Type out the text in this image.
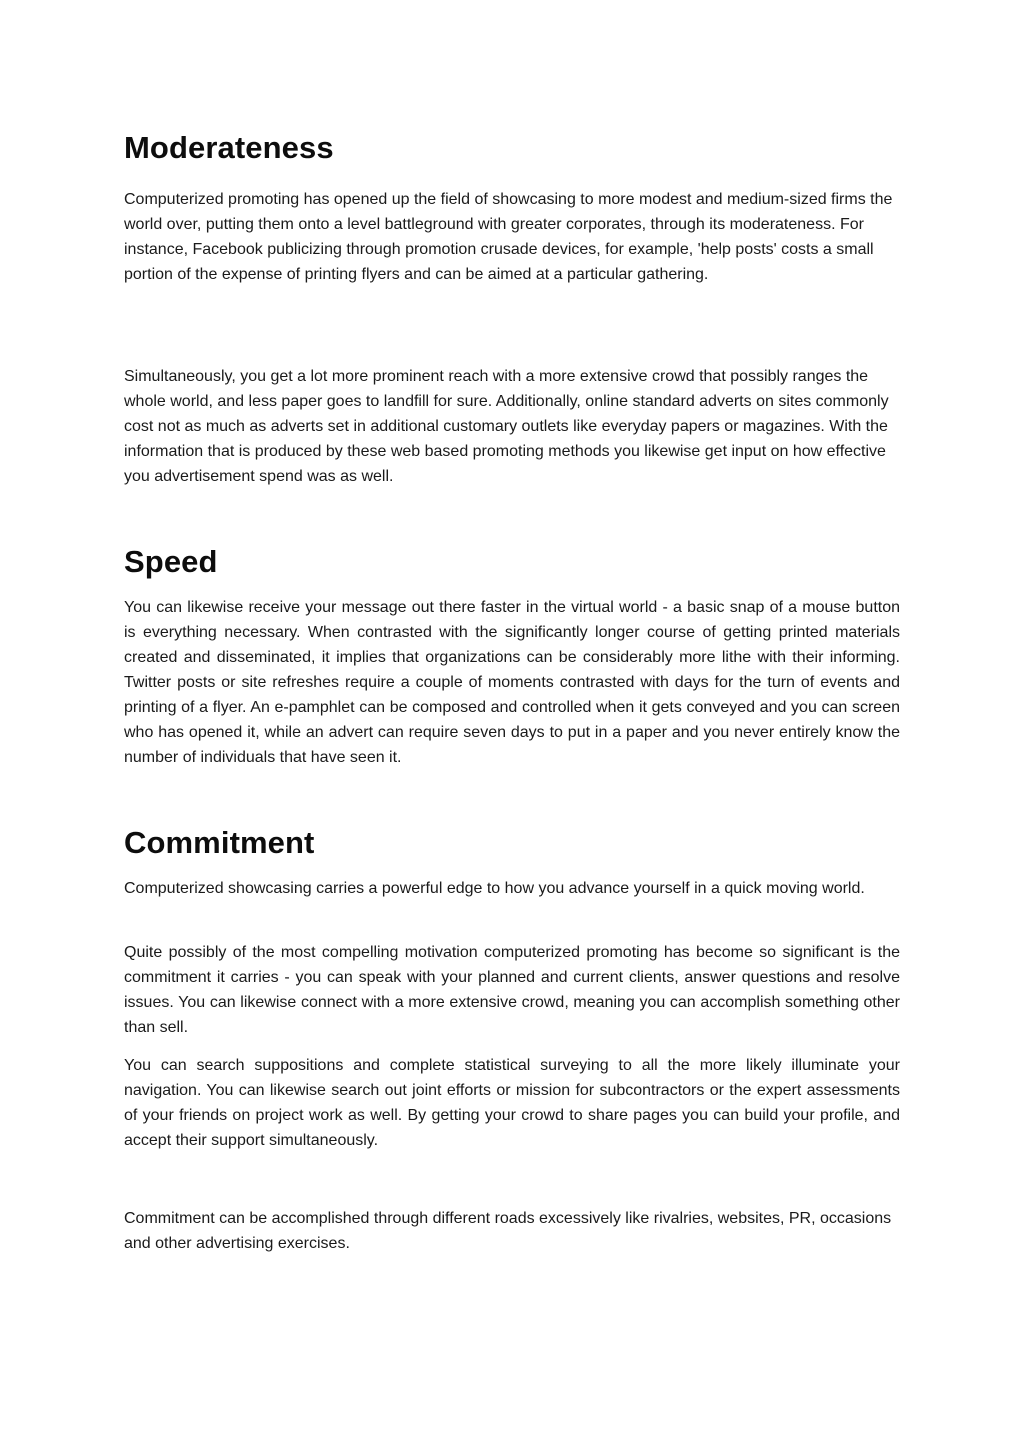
Moderateness

Computerized promoting has opened up the field of showcasing to more modest and medium-sized firms the world over, putting them onto a level battleground with greater corporates, through its moderateness. For instance, Facebook publicizing through promotion crusade devices, for example, 'help posts' costs a small portion of the expense of printing flyers and can be aimed at a particular gathering.

Simultaneously, you get a lot more prominent reach with a more extensive crowd that possibly ranges the whole world, and less paper goes to landfill for sure. Additionally, online standard adverts on sites commonly cost not as much as adverts set in additional customary outlets like everyday papers or magazines. With the information that is produced by these web based promoting methods you likewise get input on how effective you advertisement spend was as well.

Speed

You can likewise receive your message out there faster in the virtual world - a basic snap of a mouse button is everything necessary. When contrasted with the significantly longer course of getting printed materials created and disseminated, it implies that organizations can be considerably more lithe with their informing. Twitter posts or site refreshes require a couple of moments contrasted with days for the turn of events and printing of a flyer. An e-pamphlet can be composed and controlled when it gets conveyed and you can screen who has opened it, while an advert can require seven days to put in a paper and you never entirely know the number of individuals that have seen it.

Commitment

Computerized showcasing carries a powerful edge to how you advance yourself in a quick moving world.

Quite possibly of the most compelling motivation computerized promoting has become so significant is the commitment it carries - you can speak with your planned and current clients, answer questions and resolve issues. You can likewise connect with a more extensive crowd, meaning you can accomplish something other than sell.

You can search suppositions and complete statistical surveying to all the more likely illuminate your navigation. You can likewise search out joint efforts or mission for subcontractors or the expert assessments of your friends on project work as well. By getting your crowd to share pages you can build your profile, and accept their support simultaneously.

Commitment can be accomplished through different roads excessively like rivalries, websites, PR, occasions and other advertising exercises.
